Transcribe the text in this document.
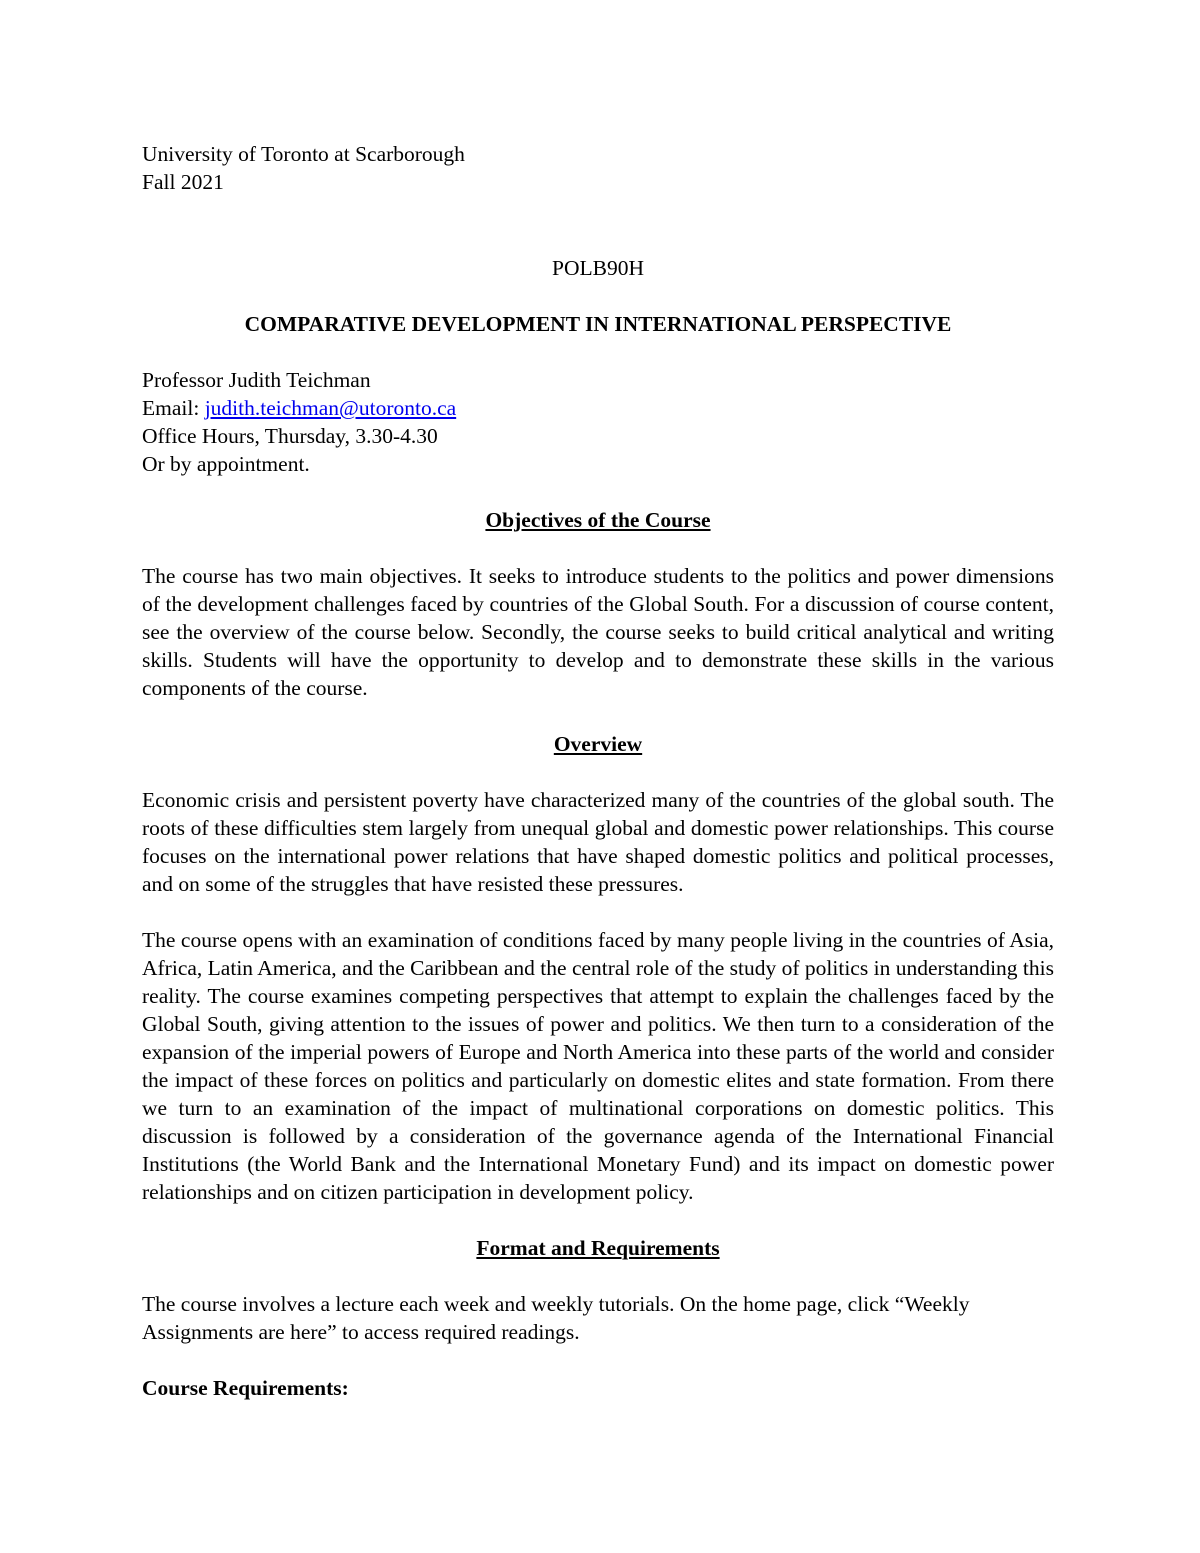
University of Toronto at Scarborough
Fall 2021
POLB90H
COMPARATIVE DEVELOPMENT IN INTERNATIONAL PERSPECTIVE
Professor Judith Teichman
Email: judith.teichman@utoronto.ca
Office Hours, Thursday, 3.30-4.30
Or by appointment.
Objectives of the Course

The course has two main objectives. It seeks to introduce students to the politics and power dimensions of the development challenges faced by countries of the Global South. For a discussion of course content, see the overview of the course below. Secondly, the course seeks to build critical analytical and writing skills. Students will have the opportunity to develop and to demonstrate these skills in the various components of the course.

Overview

Economic crisis and persistent poverty have characterized many of the countries of the global south. The roots of these difficulties stem largely from unequal global and domestic power relationships. This course focuses on the international power relations that have shaped domestic politics and political processes, and on some of the struggles that have resisted these pressures.

The course opens with an examination of conditions faced by many people living in the countries of Asia, Africa, Latin America, and the Caribbean and the central role of the study of politics in understanding this reality. The course examines competing perspectives that attempt to explain the challenges faced by the Global South, giving attention to the issues of power and politics. We then turn to a consideration of the expansion of the imperial powers of Europe and North America into these parts of the world and consider the impact of these forces on politics and particularly on domestic elites and state formation. From there we turn to an examination of the impact of multinational corporations on domestic politics. This discussion is followed by a consideration of the governance agenda of the International Financial Institutions (the World Bank and the International Monetary Fund) and its impact on domestic power relationships and on citizen participation in development policy.

Format and Requirements

The course involves a lecture each week and weekly tutorials. On the home page, click “Weekly Assignments are here” to access required readings.

Course Requirements:
